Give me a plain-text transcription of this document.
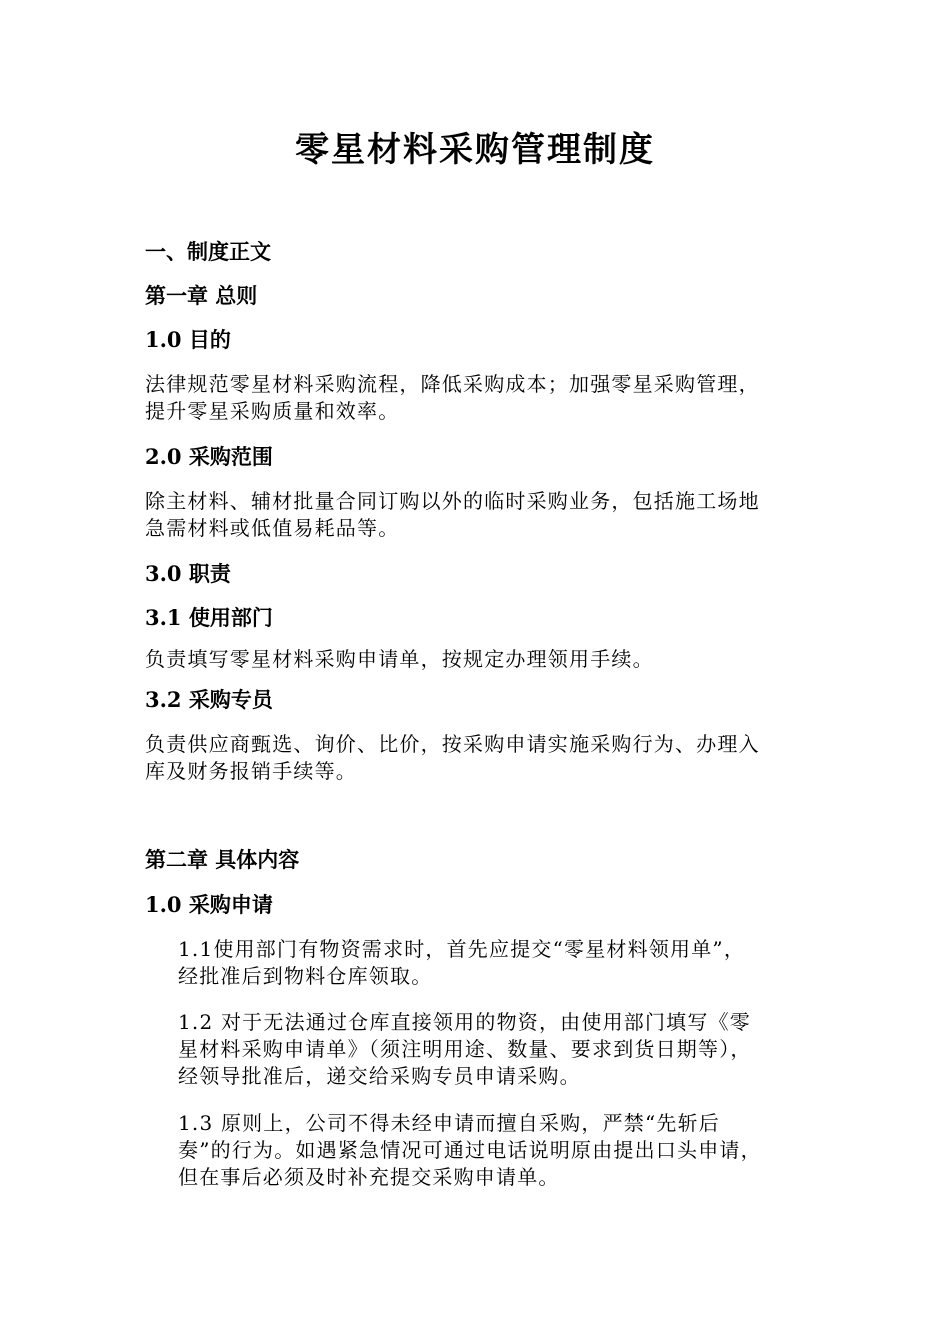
零星材料采购管理制度
一、制度正文
第一章 总则
1.0 目的
法律规范零星材料采购流程，降低采购成本；加强零星采购管理，
提升零星采购质量和效率。
2.0 采购范围
除主材料、辅材批量合同订购以外的临时采购业务，包括施工场地
急需材料或低值易耗品等。
3.0 职责
3.1 使用部门
负责填写零星材料采购申请单，按规定办理领用手续。
3.2 采购专员
负责供应商甄选、询价、比价，按采购申请实施采购行为、办理入
库及财务报销手续等。
第二章 具体内容
1.0 采购申请
1.1使用部门有物资需求时，首先应提交“零星材料领用单”，
经批准后到物料仓库领取。
1.2 对于无法通过仓库直接领用的物资，由使用部门填写《零
星材料采购申请单》（须注明用途、数量、要求到货日期等），
经领导批准后，递交给采购专员申请采购。
1.3 原则上，公司不得未经申请而擅自采购，严禁“先斩后
奏”的行为。如遇紧急情况可通过电话说明原由提出口头申请，
但在事后必须及时补充提交采购申请单。
